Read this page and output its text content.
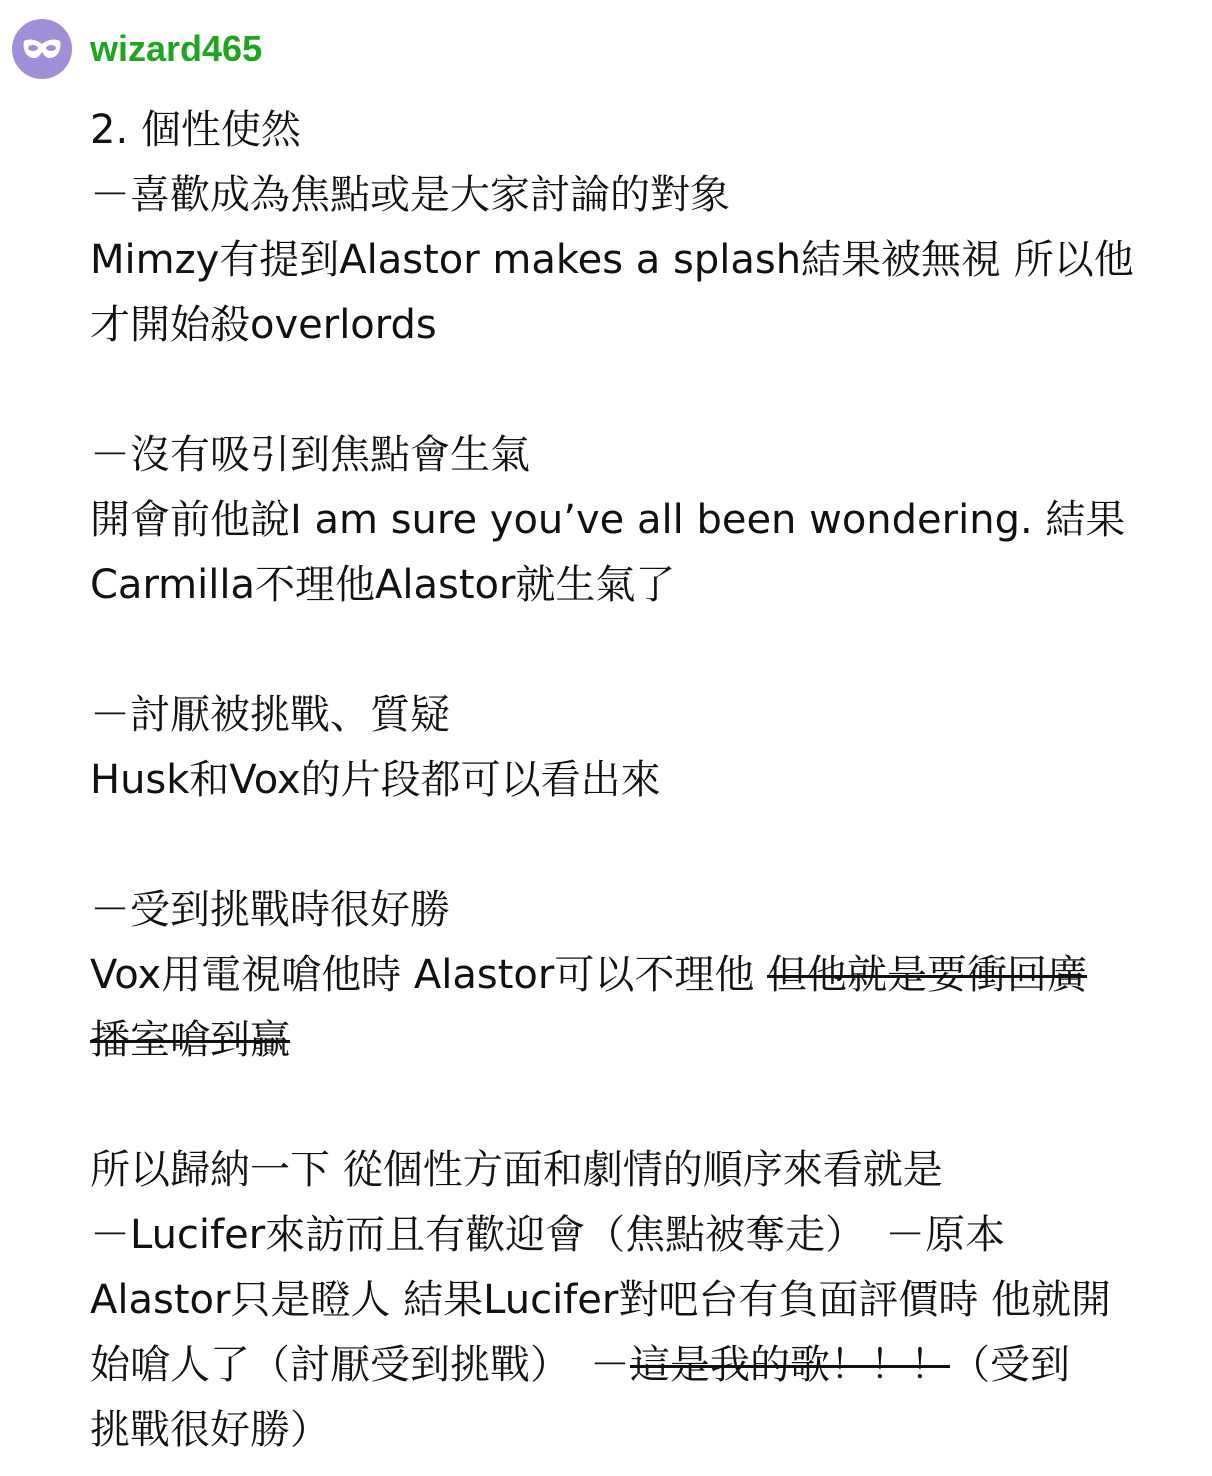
wizard465
2. 個性使然
－喜歡成為焦點或是大家討論的對象
Mimzy有提到Alastor makes a splash結果被無視 所以他
才開始殺overlords
－沒有吸引到焦點會生氣
開會前他說I am sure you’ve all been wondering. 結果
Carmilla不理他Alastor就生氣了
－討厭被挑戰、質疑
Husk和Vox的片段都可以看出來
－受到挑戰時很好勝
Vox用電視嗆他時 Alastor可以不理他 但他就是要衝回廣
播室嗆到贏
所以歸納一下 從個性方面和劇情的順序來看就是
－Lucifer來訪而且有歡迎會（焦點被奪走）　－原本
Alastor只是瞪人 結果Lucifer對吧台有負面評價時 他就開
始嗆人了（討厭受到挑戰）　－這是我的歌！！！（受到
挑戰很好勝）
